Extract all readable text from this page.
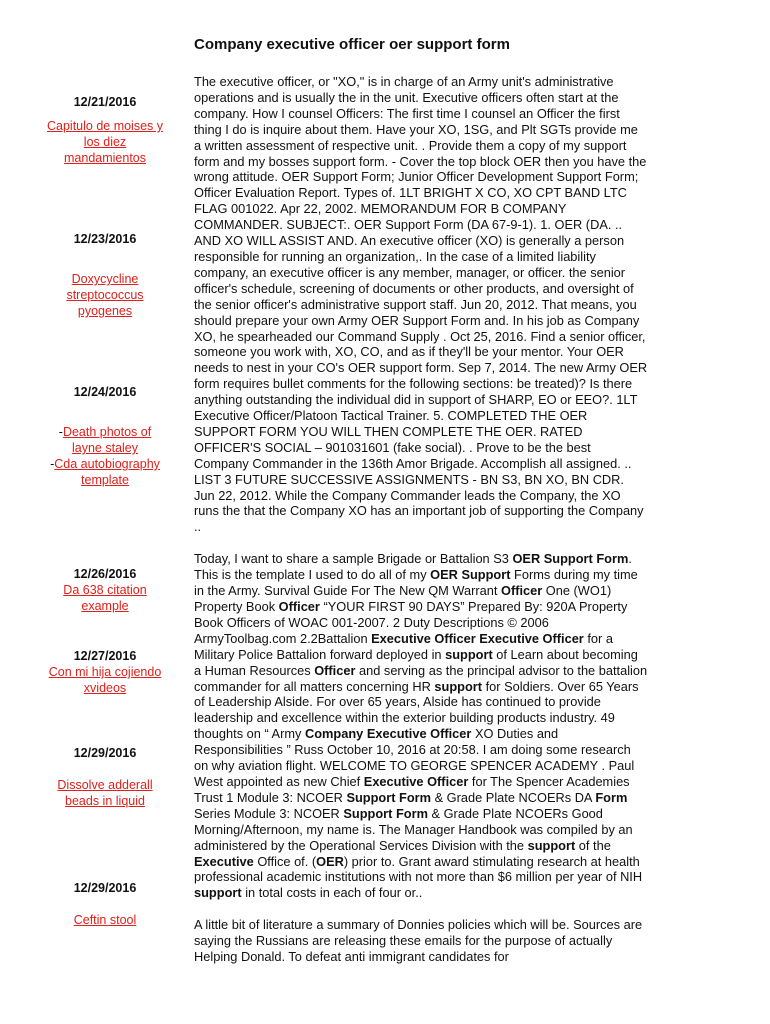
Company executive officer oer support form
12/21/2016
Capitulo de moises y los diez mandamientos
12/23/2016
Doxycycline streptococcus pyogenes
12/24/2016
-Death photos of layne staley
-Cda autobiography template
12/26/2016
Da 638 citation example
12/27/2016
Con mi hija cojiendo xvideos
12/29/2016
Dissolve adderall beads in liquid
12/29/2016
Ceftin stool

The executive officer, or "XO," is in charge of an Army unit's administrative operations and is usually the in the unit. Executive officers often start at the company. How I counsel Officers: The first time I counsel an Officer the first thing I do is inquire about them. Have your XO, 1SG, and Plt SGTs provide me a written assessment of respective unit. . Provide them a copy of my support form and my bosses support form. - Cover the top block OER then you have the wrong attitude. OER Support Form; Junior Officer Development Support Form; Officer Evaluation Report. Types of. 1LT BRIGHT X CO, XO CPT BAND LTC FLAG 001022. Apr 22, 2002. MEMORANDUM FOR B COMPANY COMMANDER. SUBJECT:. OER Support Form (DA 67-9-1). 1. OER (DA. .. AND XO WILL ASSIST AND. An executive officer (XO) is generally a person responsible for running an organization,. In the case of a limited liability company, an executive officer is any member, manager, or officer. the senior officer's schedule, screening of documents or other products, and oversight of the senior officer's administrative support staff. Jun 20, 2012. That means, you should prepare your own Army OER Support Form and. In his job as Company XO, he spearheaded our Command Supply . Oct 25, 2016. Find a senior officer, someone you work with, XO, CO, and as if they'll be your mentor. Your OER needs to nest in your CO's OER support form. Sep 7, 2014. The new Army OER form requires bullet comments for the following sections: be treated)? Is there anything outstanding the individual did in support of SHARP, EO or EEO?. 1LT Executive Officer/Platoon Tactical Trainer. 5. COMPLETED THE OER SUPPORT FORM YOU WILL THEN COMPLETE THE OER. RATED OFFICER'S SOCIAL – 901031601 (fake social). . Prove to be the best Company Commander in the 136th Amor Brigade. Accomplish all assigned. .. LIST 3 FUTURE SUCCESSIVE ASSIGNMENTS - BN S3, BN XO, BN CDR. Jun 22, 2012. While the Company Commander leads the Company, the XO runs the that the Company XO has an important job of supporting the Company ..

Today, I want to share a sample Brigade or Battalion S3 OER Support Form. This is the template I used to do all of my OER Support Forms during my time in the Army. Survival Guide For The New QM Warrant Officer One (WO1) Property Book Officer “YOUR FIRST 90 DAYS” Prepared By: 920A Property Book Officers of WOAC 001-2007. 2 Duty Descriptions © 2006 ArmyToolbag.com 2.2Battalion Executive Officer Executive Officer for a Military Police Battalion forward deployed in support of Learn about becoming a Human Resources Officer and serving as the principal advisor to the battalion commander for all matters concerning HR support for Soldiers. Over 65 Years of Leadership Alside. For over 65 years, Alside has continued to provide leadership and excellence within the exterior building products industry. 49 thoughts on “ Army Company Executive Officer XO Duties and Responsibilities ” Russ October 10, 2016 at 20:58. I am doing some research on why aviation flight. WELCOME TO GEORGE SPENCER ACADEMY . Paul West appointed as new Chief Executive Officer for The Spencer Academies Trust 1 Module 3: NCOER Support Form & Grade Plate NCOERs DA Form Series Module 3: NCOER Support Form & Grade Plate NCOERs Good Morning/Afternoon, my name is. The Manager Handbook was compiled by an administered by the Operational Services Division with the support of the Executive Office of. (OER) prior to. Grant award stimulating research at health professional academic institutions with not more than $6 million per year of NIH support in total costs in each of four or..

A little bit of literature a summary of Donnies policies which will be. Sources are saying the Russians are releasing these emails for the purpose of actually Helping Donald. To defeat anti immigrant candidates for
